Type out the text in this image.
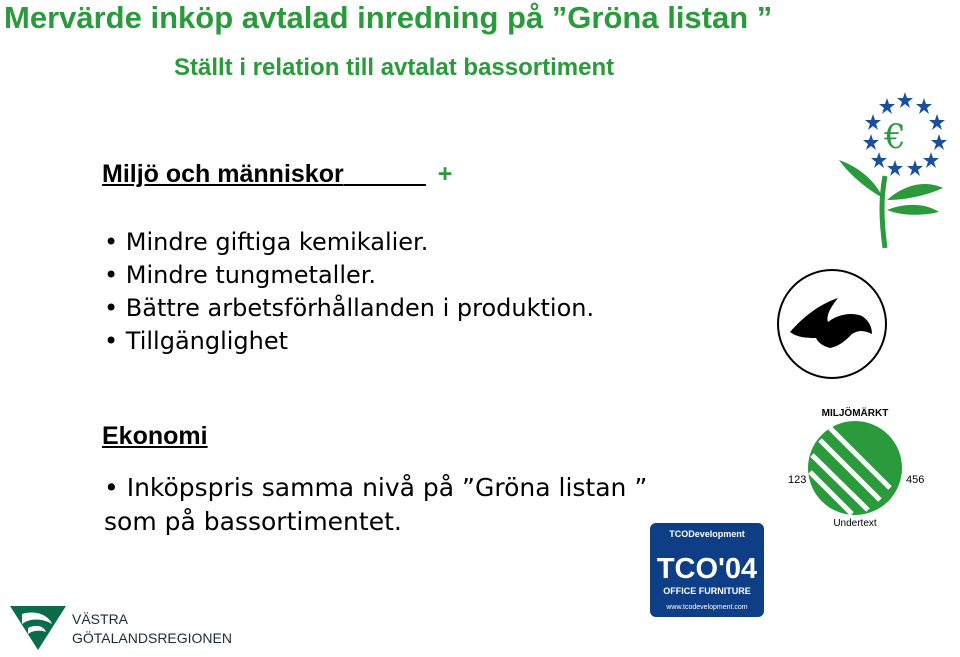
Mervärde inköp avtalad inredning på ”Gröna listan ”
Ställt i relation till avtalat bassortiment
Miljö och människor	+
• Mindre giftiga kemikalier.
• Mindre tungmetaller.
• Bättre arbetsförhållanden i produktion.
• Tillgänglighet
Ekonomi
• Inköpspris samma nivå på ”Gröna listan ”
som på bassortimentet.
€
MILJÖMÄRKT
123	456
Undertext
TCODevelopment
TCO'04
OFFICE FURNITURE
www.tcodevelopment.com
VÄSTRA
GÖTALANDSREGIONEN
